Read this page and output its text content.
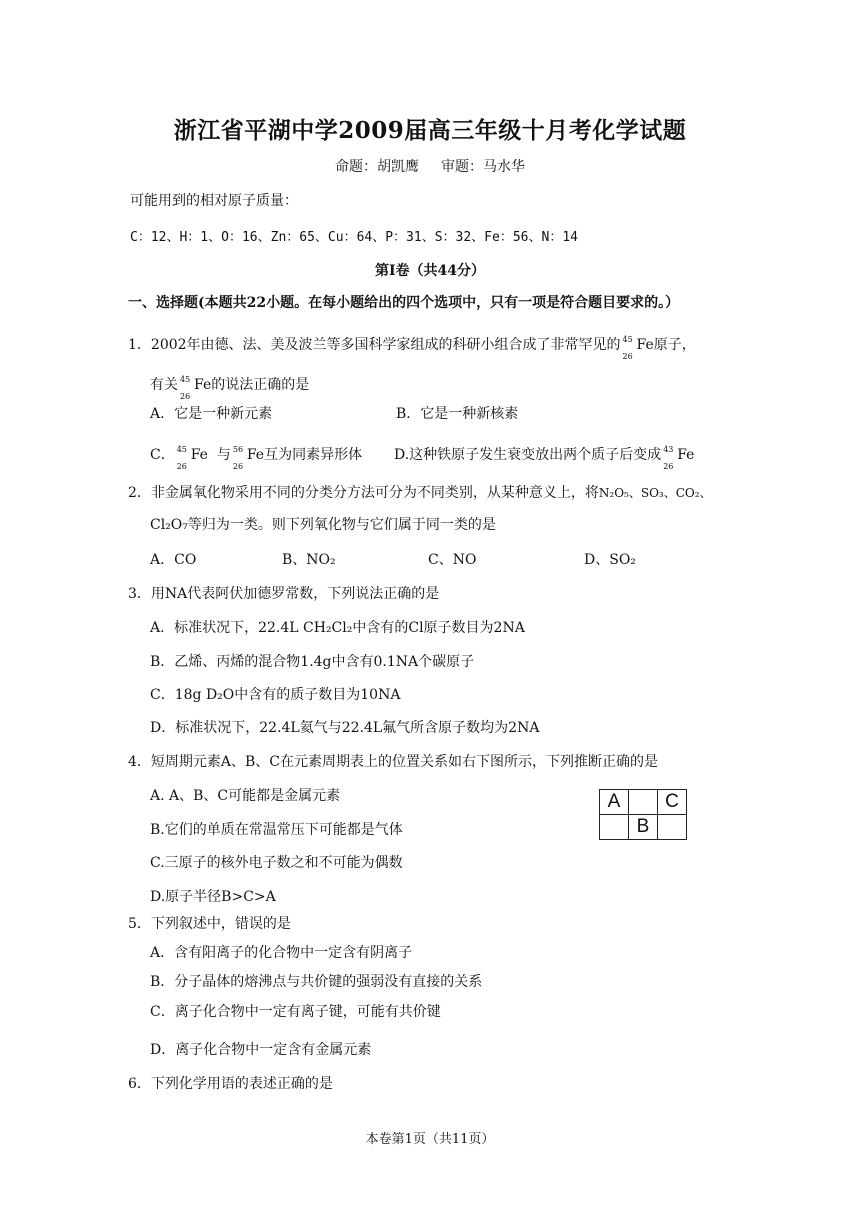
浙江省平湖中学2009届高三年级十月考化学试题
命题：胡凯鹰 审题：马水华
可能用到的相对原子质量：
C：12、H：1、O：16、Zn：65、Cu：64、P：31、S：32、Fe：56、N：14
第Ⅰ卷（共44分）
一、选择题(本题共22小题。在每小题给出的四个选项中，只有一项是符合题目要求的。）
1．2002年由德、法、美及波兰等多国科学家组成的科研小组合成了非常罕见的 45
26
Fe原子，
有关 45
26
Fe的说法正确的是
A．它是一种新元素	B．它是一种新核素
C． 45
26
Fe 与 56
26
Fe互为同素异形体 D.这种铁原子发生衰变放出两个质子后变成 43
26
Fe
2．非金属氧化物采用不同的分类分方法可分为不同类别，从某种意义上，将N₂O₅、SO₃、CO₂、
Cl₂O₇等归为一类。则下列氧化物与它们属于同一类的是
A．CO	B、NO₂	C、NO	D、SO₂
3．用NA代表阿伏加德罗常数，下列说法正确的是
A．标准状况下，22.4L CH₂Cl₂中含有的Cl原子数目为2NA
B．乙烯、丙烯的混合物1.4g中含有0.1NA个碳原子
C．18g D₂O中含有的质子数目为10NA
D．标准状况下，22.4L氦气与22.4L氟气所含原子数均为2NA
4．短周期元素A、B、C在元素周期表上的位置关系如右下图所示，下列推断正确的是
A. A、B、C可能都是金属元素
B.它们的单质在常温常压下可能都是气体
C.三原子的核外电子数之和不可能为偶数
D.原子半径B>C>A
A		C
	B	
5．下列叙述中，错误的是
A．含有阳离子的化合物中一定含有阴离子
B．分子晶体的熔沸点与共价键的强弱没有直接的关系
C．离子化合物中一定有离子键，可能有共价键
D．离子化合物中一定含有金属元素
6．下列化学用语的表述正确的是
本卷第1页（共11页）
